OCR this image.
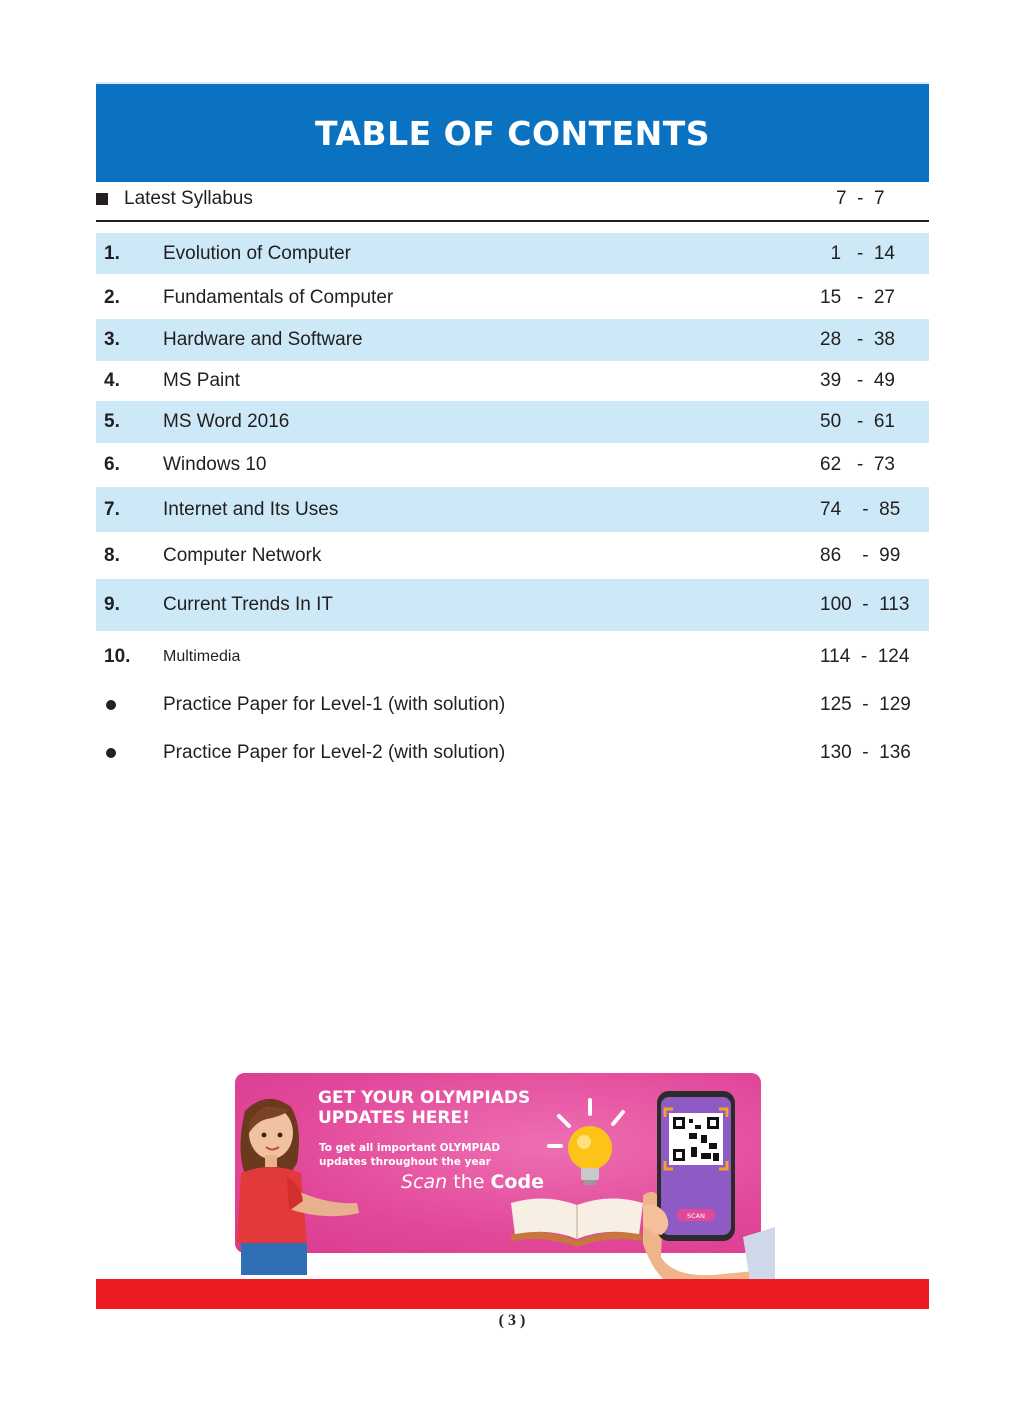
TABLE OF CONTENTS
Latest Syllabus	7  -  7
1. Evolution of Computer	1   -  14
2. Fundamentals of Computer	15   -  27
3. Hardware and Software	28   -  38
4. MS Paint	39   -  49
5. MS Word 2016	50   -  61
6. Windows 10	62   -  73
7. Internet and Its Uses	74    -  85
8. Computer Network	86    -  99
9. Current Trends In IT	100  -  113
10. Multimedia	114  -  124
Practice Paper for Level-1 (with solution)	125  -  129
Practice Paper for Level-2 (with solution)	130  -  136
GET YOUR OLYMPIADS
UPDATES HERE!
To get all important OLYMPIAD
updates throughout the year
Scan the Code
SCAN
( 3 )
